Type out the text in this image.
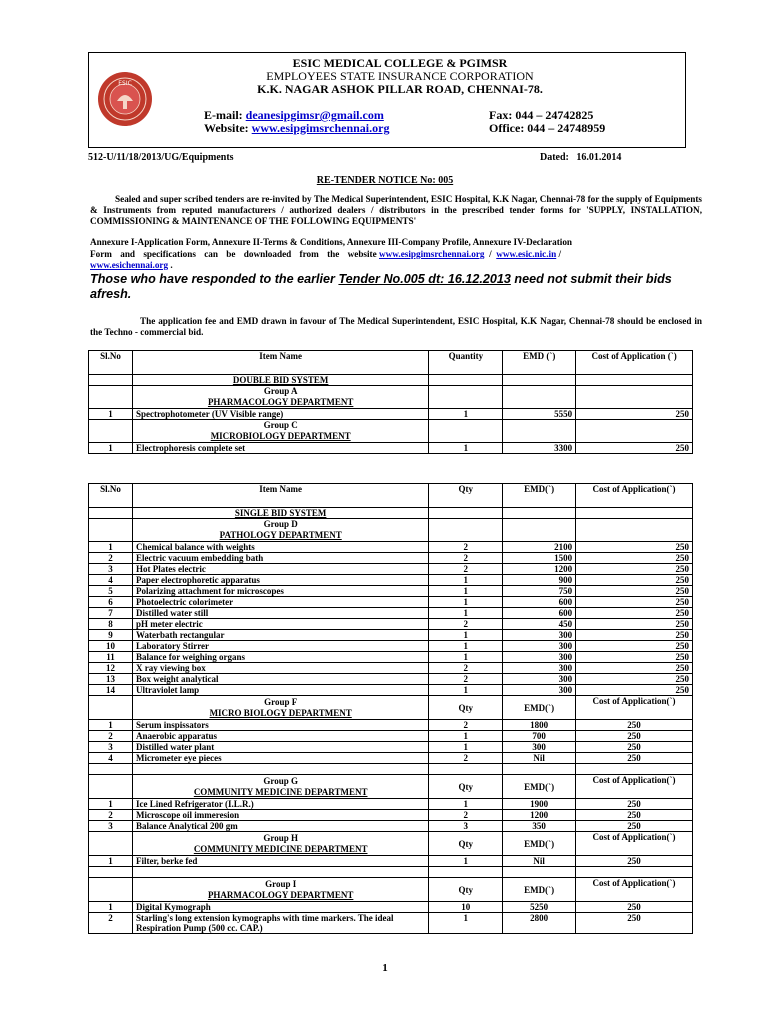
ESIC
ESIC MEDICAL COLLEGE & PGIMSR
EMPLOYEES STATE INSURANCE CORPORATION
K.K. NAGAR ASHOK PILLAR ROAD, CHENNAI-78.
E-mail: deanesipgimsr@gmail.com
Website: www.esipgimsrchennai.org
Fax: 044 – 24742825
Office: 044 – 24748959
512-U/11/18/2013/UG/Equipments	Dated: 16.01.2014
RE-TENDER NOTICE No: 005
Sealed and super scribed tenders are re-invited by The Medical Superintendent, ESIC Hospital, K.K Nagar, Chennai-78 for the supply of Equipments & Instruments from reputed manufacturers / authorized dealers / distributors in the prescribed tender forms for 'SUPPLY, INSTALLATION, COMMISSIONING & MAINTENANCE OF THE FOLLOWING EQUIPMENTS'
Annexure I-Application Form, Annexure II-Terms & Conditions, Annexure III-Company Profile, Annexure IV-Declaration
Form and specifications can be downloaded from the website www.esipgimsrchennai.org  /  www.esic.nic.in /
www.esichennai.org .
Those who have responded to the earlier Tender No.005 dt: 16.12.2013 need not submit their bids afresh.
The application fee and EMD drawn in favour of The Medical Superintendent, ESIC Hospital, K.K Nagar, Chennai-78 should be enclosed in the Techno - commercial bid.
Sl.No	Item Name	Quantity	EMD (`)	Cost of Application (`)
	DOUBLE BID SYSTEM			
	Group A
PHARMACOLOGY DEPARTMENT			
1	Spectrophotometer (UV Visible range)	1	5550	250
	Group C
MICROBIOLOGY DEPARTMENT			
1	Electrophoresis complete set	1	3300	250
Sl.No	Item Name	Qty	EMD(`)	Cost of Application(`)
	SINGLE BID SYSTEM			
	Group D
PATHOLOGY DEPARTMENT			
1	Chemical balance with weights	2	2100	250
2	Electric vacuum embedding bath	2	1500	250
3	Hot Plates electric	2	1200	250
4	Paper electrophoretic apparatus	1	900	250
5	Polarizing attachment for microscopes	1	750	250
6	Photoelectric colorimeter	1	600	250
7	Distilled water still	1	600	250
8	pH meter electric	2	450	250
9	Waterbath rectangular	1	300	250
10	Laboratory Stirrer	1	300	250
11	Balance for weighing organs	1	300	250
12	X ray viewing box	2	300	250
13	Box weight analytical	2	300	250
14	Ultraviolet lamp	1	300	250
	Group F
MICRO BIOLOGY DEPARTMENT	Qty	EMD(`)	Cost of Application(`)
1	Serum inspissators	2	1800	250
2	Anaerobic apparatus	1	700	250
3	Distilled water plant	1	300	250
4	Micrometer eye pieces	2	Nil	250

	Group G
COMMUNITY MEDICINE DEPARTMENT	Qty	EMD(`)	Cost of Application(`)
1	Ice Lined Refrigerator (I.L.R.)	1	1900	250
2	Microscope oil immeresion	2	1200	250
3	Balance Analytical 200 gm	3	350	250
	Group H
COMMUNITY MEDICINE DEPARTMENT	Qty	EMD(`)	Cost of Application(`)
1	Filter, berke fed	1	Nil	250

	Group I
PHARMACOLOGY DEPARTMENT	Qty	EMD(`)	Cost of Application(`)
1	Digital Kymograph	10	5250	250
2	Starling's long extension kymographs with time markers. The ideal Respiration Pump (500 cc. CAP.)	1	2800	250
1
